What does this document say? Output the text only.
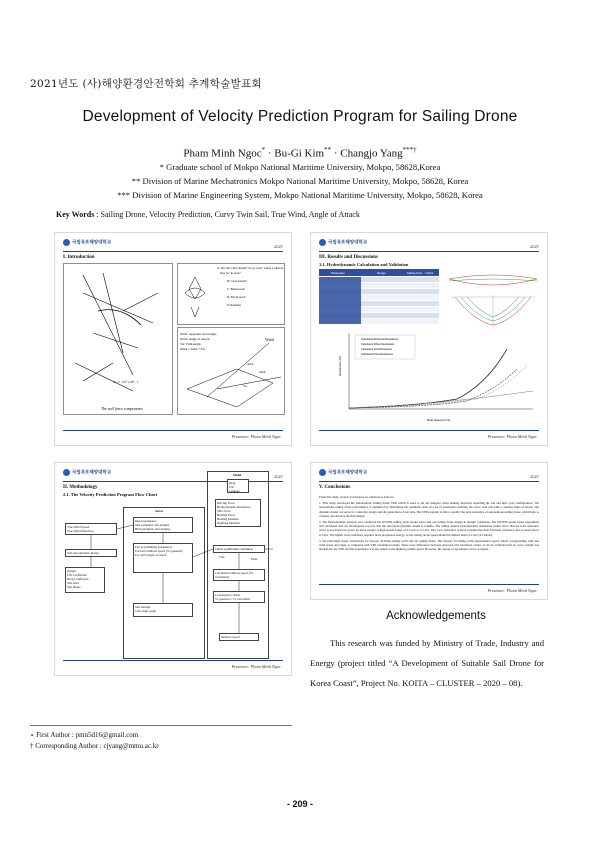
2021년도 (사)해양환경안전학회 추계학술발표회
Development of Velocity Prediction Program for Sailing Drone
Pham Minh Ngoc* · Bu-Gi Kim** · Changjo Yang***†
* Graduate school of Mokpo National Maritime University, Mokpo, 58628,Korea
** Division of Marine Mechatronics Mokpo National Maritime University, Mokpo, 58628, Korea
*** Division of Marine Engineering System, Mokpo National Maritime University, Mokpo, 58628, Korea
Key Words : Sailing Drone, Velocity Prediction, Curvy Twin Sail, True Wind, Angle of Attack
국립목포해양대학교
2021
I. Introduction
Vs = √(V²+Vt²...)
The sail force components
A: Into the wind; shaded "no go zone" where a sailboat
may be "in irons"
B: Close-hauled
C: Beam reach
D: Broad reach
E: Running
AWA: Apparent wind angle
AOA: Angle of Attack
TA: Trim Angle
AWA = AOA + TA
Wind
AOA
AWA
TA
Presenter: Pham Minh Ngoc
국립목포해양대학교
2021
III. Results and Discussions
3.1. Hydrodynamic Calculation and Validation
Parameter	Range	Sailing drone Criteria
Resistance (N)
Boat Speed (m/s)
Calculated Frictional Resistance
Calculated Wave Resistance
Calculated Hull Resistance
Calculated Total Resistance
Presenter: Pham Minh Ngoc
국립목포해양대학교
2021
II. Methodology
2.1. The Velocity Prediction Program Flow Chart
True Wind Speed
True Wind Direction
Sail Aerodynamic model
Output
Lift Coefficient
Drag Coefficient
Sail Area
Sail Shape
Solver
Input parameters
Sail parameter and designs
Hull parameter and designs
Forces (trimming parameter)
Forward Sailboat speed (Vs guessed)
For wind angle of attack
Sail settings
True angle setup
Model
Drag
Lift
Leakage
Driving Force
Hydrodynamic Resistance
Side Force
Heeling Force
Heeling Moment
Righting Moment
Check equilibrium conditions
False
True
Calculated Sailboat speed (Vs calculated)
Convergence check
Vs guessed = Vs calculated
Sailboat speed
Presenter: Pham Minh Ngoc
국립목포해양대학교
2021
V. Conclusions
From this study, several conclusions are obtained as follows:
1. This study developed the Autonomous Sailing drone VPP, which is used to aid the designer when making decisions regarding the sail and hull cycle configuration. The autonomous sailing drone performance is optimized by identifying the optimum value of a set of parameters defining the curvy twin sail with a constant angle of attack. The dynamic model can serve for controller design and the generation of test data. The VPP program is able to predict the total resistance of autonomous sailing drone, which help to consider and develop the hull design.
2. The hydrodynamic analysis was conducted the DSYHS sailing yacht model series and our sailing drone design in upright conditions. The DSYHS model series experiment and calculated data are investigated to prove that the used hydrodynamic model is reliable. The sailing drone's hydrodynamic simulation results show that the total resistance curve is not linear but grows up more steeply at high speeds range of 2.2 m/s to 3.2 m/s. The wave resistance is more considerable than frictional resistance and at speed above 2.2 m/s. The higher wave resistance requires more propulsion energy, so the sailing drone speed should be limited under 2.2 m/s (4.3 knots).
3. We performed speed calculations for Stewart 34 Pride sailing yacht and our sailing drone. The Stewart 34 sailing yacht experimental speed, which corresponding with true wind speed and angle, is compared with VPP calculation results. There were differences between observed and calculated values. It can be attributed that no curve weight was modeled in the VPP, and the experiment was not aimed to the highest possible speed. However, the degree of agreement can be accepted.
Presenter: Pham Minh Ngoc
Acknowledgements
This research was funded by Ministry of Trade, Industry and Energy (project titled “A Development of Suitable Sail Drone for Korea Coast”, Project No. KOITA – CLUSTER – 2020 – 08).
∘ First Author : pmn5d16@gmail.com
† Corresponding Author : cjyang@mmu.ac.kr
- 209 -
